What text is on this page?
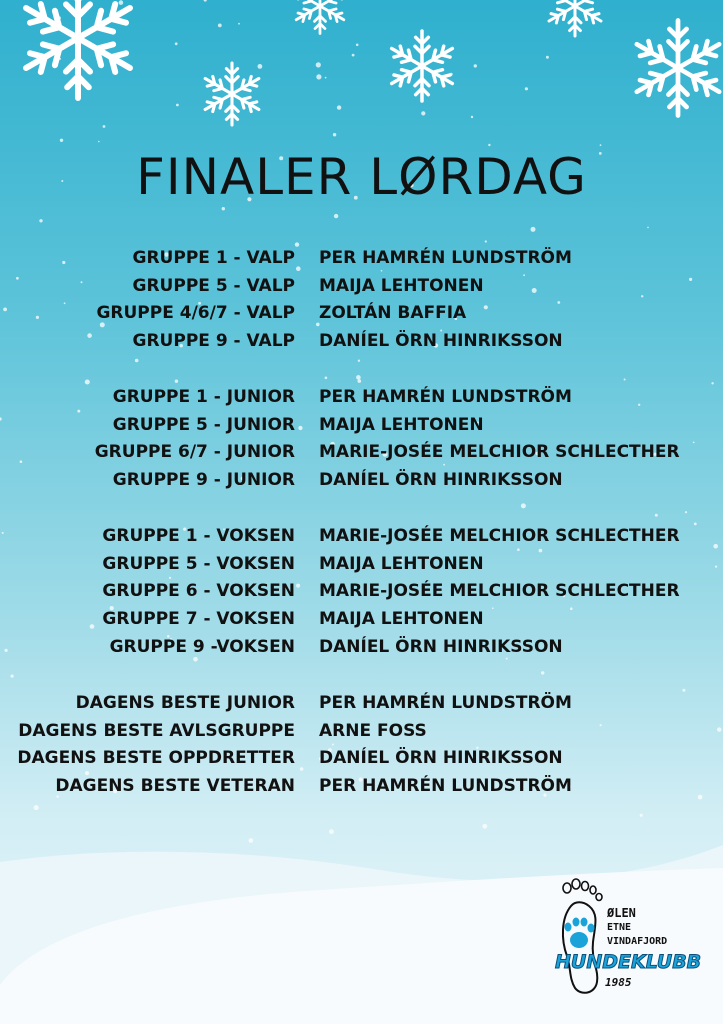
FINALER LØRDAG
GRUPPE 1 - VALP PER HAMRÉN LUNDSTRÖM
GRUPPE 5 - VALP MAIJA LEHTONEN
GRUPPE 4/6/7 - VALP ZOLTÁN BAFFIA
GRUPPE 9 - VALP DANÍEL ÖRN HINRIKSSON
GRUPPE 1 - JUNIOR PER HAMRÉN LUNDSTRÖM
GRUPPE 5 - JUNIOR MAIJA LEHTONEN
GRUPPE 6/7 - JUNIOR MARIE-JOSÉE MELCHIOR SCHLECTHER
GRUPPE 9 - JUNIOR DANÍEL ÖRN HINRIKSSON
GRUPPE 1 - VOKSEN MARIE-JOSÉE MELCHIOR SCHLECTHER
GRUPPE 5 - VOKSEN MAIJA LEHTONEN
GRUPPE 6 - VOKSEN MARIE-JOSÉE MELCHIOR SCHLECTHER
GRUPPE 7 - VOKSEN MAIJA LEHTONEN
GRUPPE 9 -VOKSEN DANÍEL ÖRN HINRIKSSON
DAGENS BESTE JUNIOR PER HAMRÉN LUNDSTRÖM
DAGENS BESTE AVLSGRUPPE ARNE FOSS
DAGENS BESTE OPPDRETTER DANÍEL ÖRN HINRIKSSON
DAGENS BESTE VETERAN PER HAMRÉN LUNDSTRÖM
ØLEN
ETNE
VINDAFJORD
HUNDEKLUBB
1985
